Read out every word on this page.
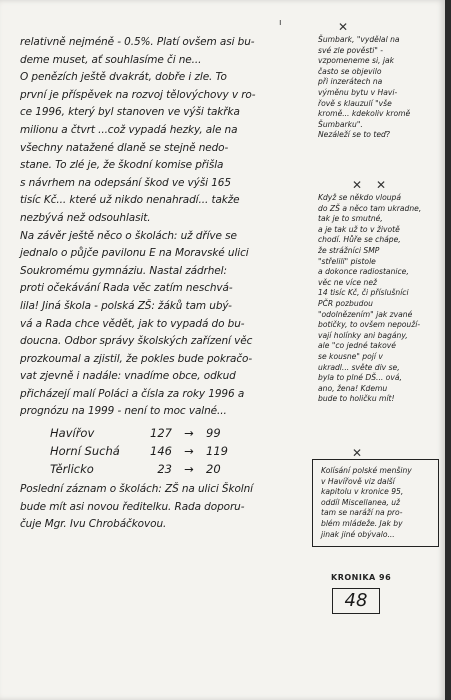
ı
relativně nejméně - 0.5%. Platí ovšem asi bu-
deme muset, ať souhlasíme či ne...
O penězích ještě dvakrát, dobře i zle. To
první je příspěvek na rozvoj tělovýchovy v ro-
ce 1996, který byl stanoven ve výši takřka
milionu a čtvrt ...což vypadá hezky, ale na
všechny natažené dlaně se stejně nedo-
stane. To zlé je, že škodní komise přišla
s návrhem na odepsání škod ve výši 165
tisíc Kč... které už nikdo nenahradí... takže
nezbývá než odsouhlasit.
Na závěr ještě něco o školách: už dříve se
jednalo o půjče pavilonu E na Moravské ulici
Soukromému gymnáziu. Nastal zádrhel:
proti očekávání Rada věc zatím neschvá-
lila! Jiná škola - polská ZŠ: žáků tam ubý-
vá a Rada chce vědět, jak to vypadá do bu-
doucna. Odbor správy školských zařízení věc
prozkoumal a zjistil, že pokles bude pokračo-
vat zjevně i nadále: vnadíme obce, odkud
přicházejí malí Poláci a čísla za roky 1996 a
prognózu na 1999 - není to moc valné...
Havířov	127	→	99
Horní Suchá	146	→	119
Těrlicko	23	→	20
Poslední záznam o školách: ZŠ na ulici Školní
bude mít asi novou ředitelku. Rada doporu-
čuje Mgr. Ivu Chrobáčkovou.
✕
Šumbark, "vydělal na
své zle pověsti" -
vzpomeneme si, jak
často se objevilo
při inzerátech na
výměnu bytu v Havi-
řově s klauzulí "vše
kromě... kdekoliv kromě
Šumbarku".
Nezáleží se to teď?
✕ ✕
Když se někdo vloupá
do ZŠ a něco tam ukradne,
tak je to smutné,
a je tak už to v životě
chodí. Hůře se chápe,
že strážníci SMP
"střelili" pistole
a dokonce radiostanice,
věc ne více než
14 tisíc Kč, či příslušníci
PČR pozbudou
"odolnězením" jak zvané
botičky, to ovšem nepouží-
vají holínky ani bagány,
ale "co jedné takové
se kousne" pojí v
ukradl... světe div se,
byla to plné DŠ... ová,
ano, žena! Kdemu
bude to holičku mít!
✕
Kolísání polské menšiny
v Havířově viz další
kapitolu v kronice 95,
oddíl Miscellanea, už
tam se naráží na pro-
blém mládeže. Jak by
jinak jiné obývalo...
KRONIKA 96
48
